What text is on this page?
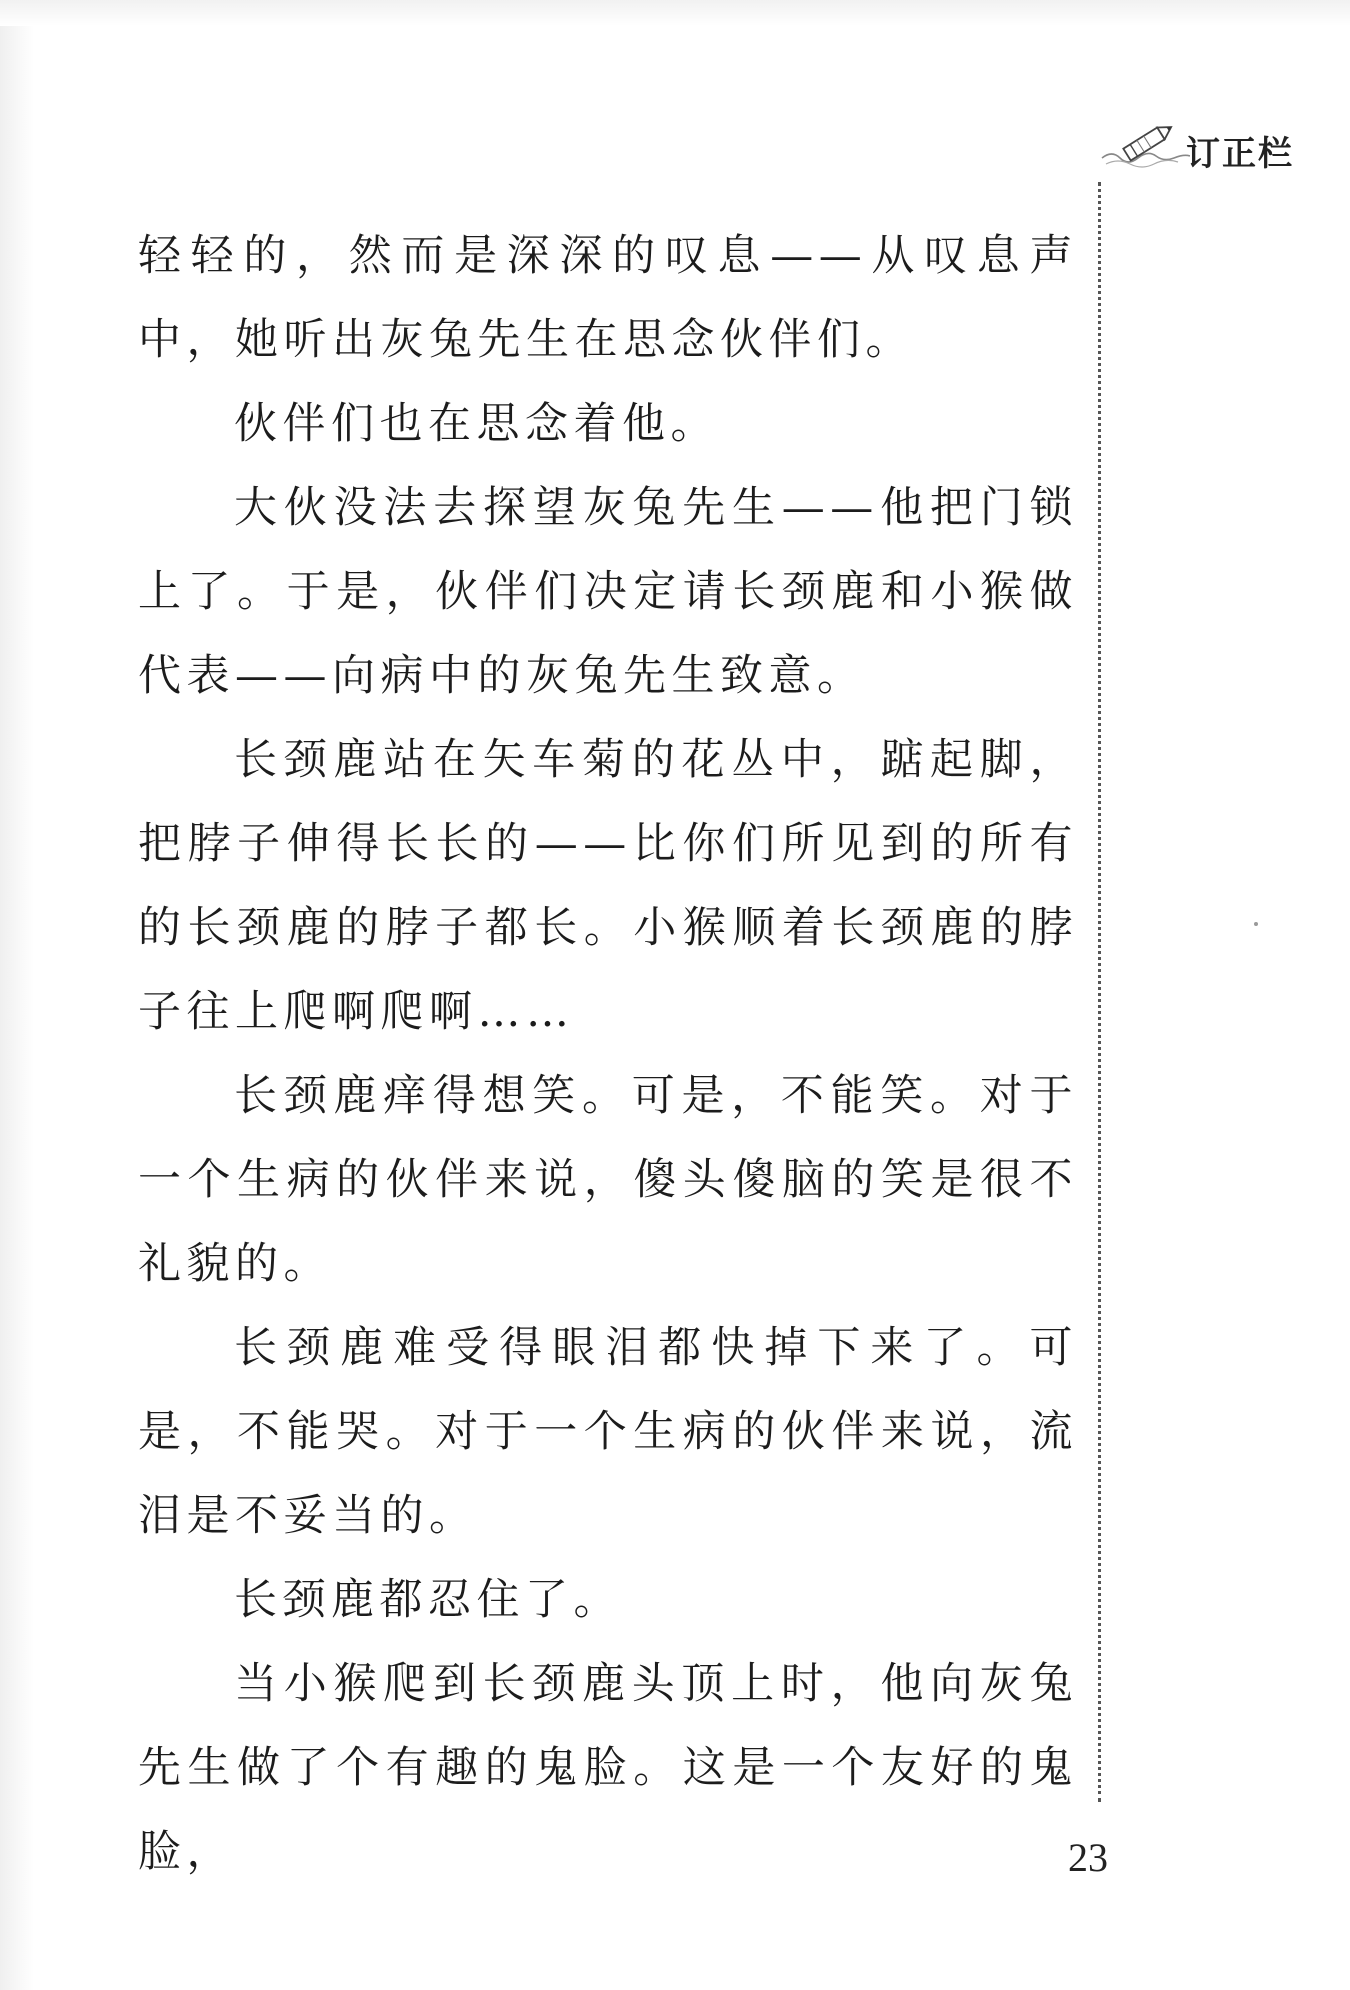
订正栏

轻轻的，然而是深深的叹息——从叹息声中，她听出灰兔先生在思念伙伴们。

伙伴们也在思念着他。

大伙没法去探望灰兔先生——他把门锁上了。于是，伙伴们决定请长颈鹿和小猴做代表——向病中的灰兔先生致意。

长颈鹿站在矢车菊的花丛中，踮起脚，把脖子伸得长长的——比你们所见到的所有的长颈鹿的脖子都长。小猴顺着长颈鹿的脖子往上爬啊爬啊……

长颈鹿痒得想笑。可是，不能笑。对于一个生病的伙伴来说，傻头傻脑的笑是很不礼貌的。

长颈鹿难受得眼泪都快掉下来了。可是，不能哭。对于一个生病的伙伴来说，流泪是不妥当的。

长颈鹿都忍住了。

当小猴爬到长颈鹿头顶上时，他向灰兔先生做了个有趣的鬼脸。这是一个友好的鬼脸，	23
